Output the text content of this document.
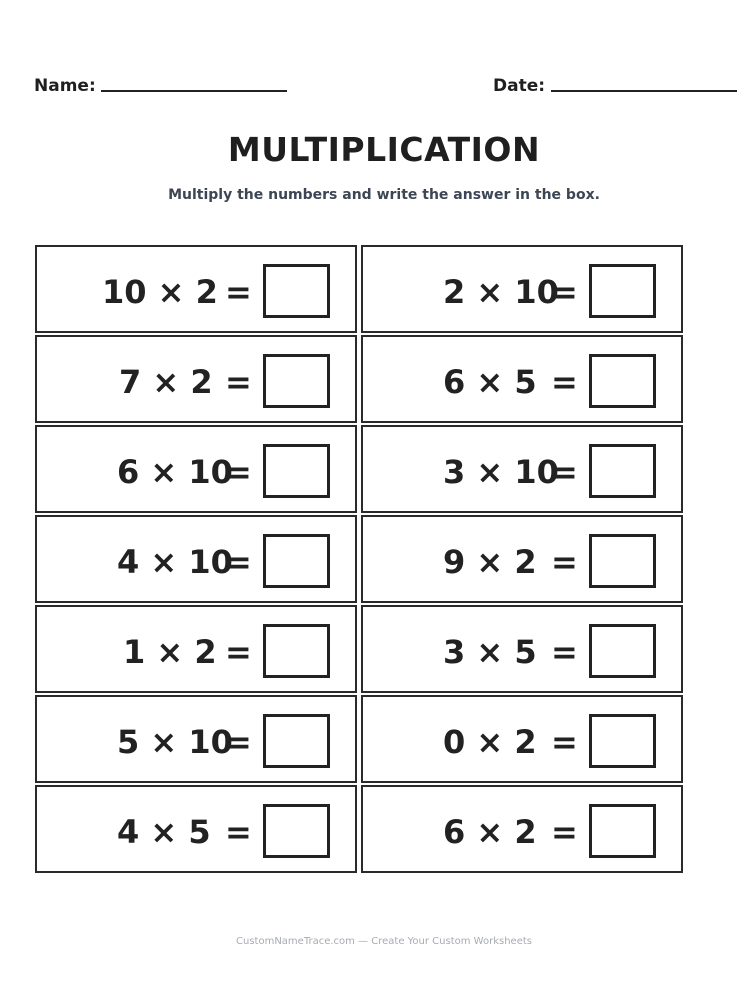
Name:	Date:
MULTIPLICATION
Multiply the numbers and write the answer in the box.
10 × 2 =	2 × 10
=
7 × 2 =	6 × 5 =
6 × 10
=	3 × 10
=
4 × 10
=	9 × 2 =
1 × 2 =	3 × 5 =
5 × 10
=	0 × 2 =
4 × 5 =	6 × 2 =
CustomNameTrace.com — Create Your Custom Worksheets
